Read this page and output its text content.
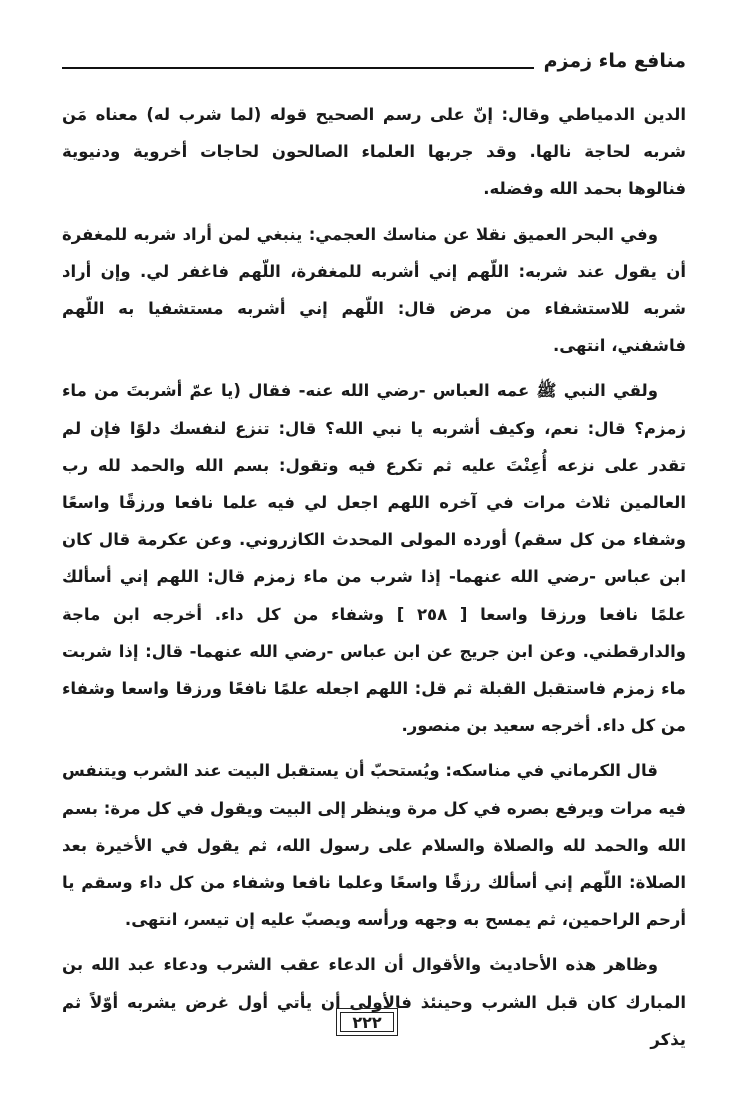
منافع ماء زمزم

الدين الدمياطي وقال: إنّ على رسم الصحيح قوله (لما شرب له) معناه مَن شربه لحاجة نالها. وقد جربها العلماء الصالحون لحاجات أخروية ودنيوية فنالوها بحمد الله وفضله.

وفي البحر العميق نقلا عن مناسك العجمي: ينبغي لمن أراد شربه للمغفرة أن يقول عند شربه: اللّهم إني أشربه للمغفرة، اللّهم فاغفر لي. وإن أراد شربه للاستشفاء من مرض قال: اللّهم إني أشربه مستشفيا به اللّهم فاشفني، انتهى.

ولقي النبي ﷺ عمه العباس -رضي الله عنه- فقال (يا عمّ أشربتَ من ماء زمزم؟ قال: نعم، وكيف أشربه يا نبي الله؟ قال: تنزع لنفسك دلوًا فإن لم تقدر على نزعه أُعِنْتَ عليه ثم تكرع فيه وتقول: بسم الله والحمد لله رب العالمين ثلاث مرات في آخره اللهم اجعل لي فيه علما نافعا ورزقًا واسعًا وشفاء من كل سقم) أورده المولى المحدث الكازروني. وعن عكرمة قال كان ابن عباس -رضي الله عنهما- إذا شرب من ماء زمزم قال: اللهم إني أسألك علمًا نافعا ورزقا واسعا [ ٢٥٨ ] وشفاء من كل داء. أخرجه ابن ماجة والدارقطني. وعن ابن جريج عن ابن عباس -رضي الله عنهما- قال: إذا شربت ماء زمزم فاستقبل القبلة ثم قل: اللهم اجعله علمًا نافعًا ورزقا واسعا وشفاء من كل داء. أخرجه سعيد بن منصور.

قال الكرماني في مناسكه: ويُستحبّ أن يستقبل البيت عند الشرب ويتنفس فيه مرات ويرفع بصره في كل مرة وينظر إلى البيت ويقول في كل مرة: بسم الله والحمد لله والصلاة والسلام على رسول الله، ثم يقول في الأخيرة بعد الصلاة: اللّهم إني أسألك رزقًا واسعًا وعلما نافعا وشفاء من كل داء وسقم يا أرحم الراحمين، ثم يمسح به وجهه ورأسه ويصبّ عليه إن تيسر، انتهى.

وظاهر هذه الأحاديث والأقوال أن الدعاء عقب الشرب ودعاء عبد الله بن المبارك كان قبل الشرب وحينئذ فالأولى أن يأتي أول غرض يشربه أوّلاً ثم يذكر

٢٢٢
